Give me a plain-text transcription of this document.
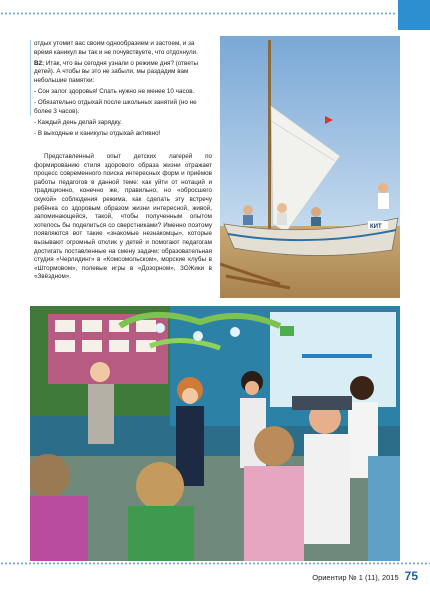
отдых утомит вас своим однообразием и застоем, и за время каникул вы так и не почувствуете, что отдохнули.

В2: Итак, что вы сегодня узнали о режиме дня? (ответы детей). А чтобы вы это не забыли, мы раздадим вам небольшие памятки:

- Сон залог здоровья! Спать нужно не менее 10 часов.

- Обязательно отдыхай после школьных занятий (но не более 3 часов).

- Каждый день делай зарядку.

- В выходные и каникулы отдыхай активно!

Представленный опыт детских лагерей по формированию стиля здорового образа жизни отражает процесс современного поиска интересных форм и приёмов работы педагогов в данной теме: как уйти от нотаций и традиционно, конечно же, правильно, но «обросшего скукой» соблюдения режима, как сделать эту встречу ребёнка со здоровым образом жизни интересной, живой, запоминающейся, такой, чтобы полученным опытом хотелось бы поделиться со сверстниками? Именно поэтому появляются вот такие «знакомые незнакомцы», которые вызывают огромный отклик у детей и помогают педагогам достигать поставленные на смену задачи: образовательная студия «Черлидинг» в «Комсомольском», морские клубы в «Штормовом», полевые игры в «Дозорном», ЗОЖики в «Звёздном».
КИТ
Ориентир № 1 (11), 2015 75
